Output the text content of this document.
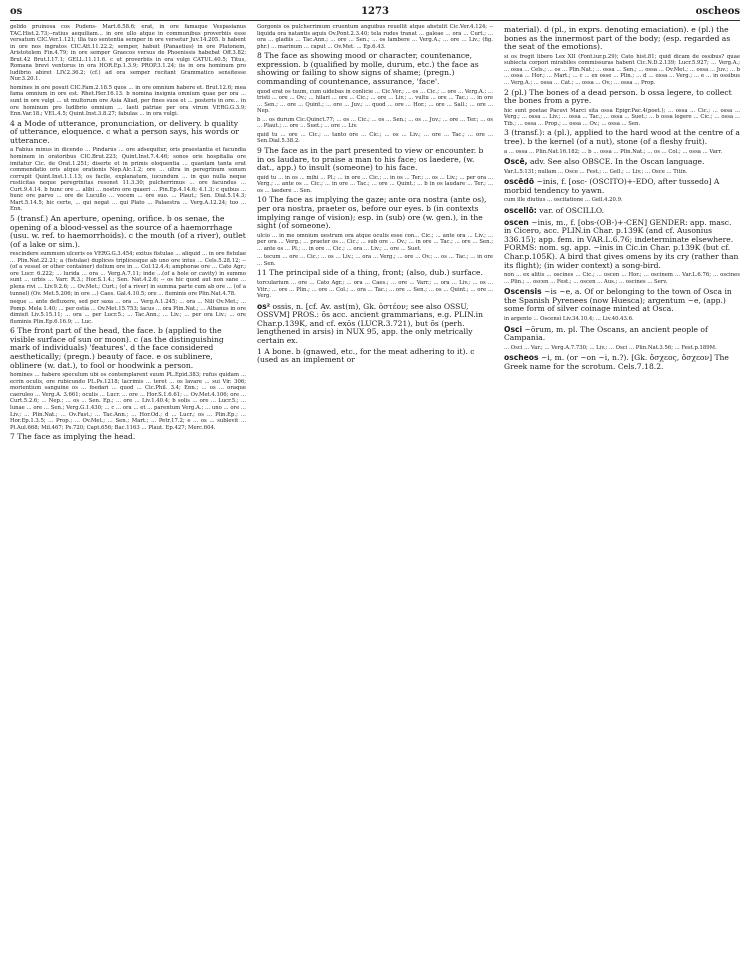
os	1273	oscheos

gelido pruinosa cos Pudens- Mart.6.58.6; erat, in ore famaque Vespasianus TAC.Hist.2.73;--ratius aequiliam... in ore ullo atque in communibus proverbiis esse versatum CIC.Ver.1.121; illa tuo sententia semper in ore versetur Juv.14.205. b habent in ore nos ingratos CIC.Att.11.22.2; semper, habuit (Panaetius) in ore Platonem, Aristotelem Fin.4.79; in ore semper Graecos versus de Phoenissis habebat Off.3.82; Brut.42 Brut.I.17.1; GELL.11.11.6. c ut proverbiis in ora vulgi CATUL.40.5; Titus, Romana brevi venturus in ora HOR.Ep.1.3.9; PROP.3.1.24; iis in ora hominum pro ludibrio abiret LIV.2.36.2; (cf.) ad ora semper recitant Grammatico sensitesse Nur.3.20.1.

homines in ore posuit CIC.Fam.2.18.5 quos ... in ore omnium habere et. Brut.12.6; mea fama omnium in ore est. Rhet.Her.16.13. b nomina insignia omnium quae per ora ... sunt in ore vulgi ... ut multorum ore Asia Aliad, per fines suos et ... posteris in ore... in ore hominum pro ludibrio omnium ... laeti patriae per ora virum VERG.G.3.9; Enn.Var.18.; VEL.4.5; Quint.Inst.3.8.27; fabulas ... in ora vulgi.

4 a Mode of utterance, pronunciation, or delivery. b quality of utterance, eloquence. c what a person says, his words or utterance.

a Fabius minus in dicendo ... Pindarus ... ore adsequitur, oris praestantia et facundia hominem in oratoribus CIC.Brut.223; Quint.Inst.7.4.46; sonos oris hospitalia ore imitatur Cic. de Orat.1.251; diserte et in primis eloquentia ... quantam tanta erat commendatio oris atque orationis Nep.Alc.1.2; ore ... ultra in peregrinum sonum corrupit Quint.Inst.1.1.13; os facile, explanatum, iucundum ... in quo nulla neque rusticitas neque peregrinitas resonet 11.3.30; pulcherrimus ... ore facundus ... Curt.9.4.14. b hunc ore ... alibi ... nostro ore quaeri ... Pin.Ep.4.14.6; 4.1.3; c quibus ... hunc ore parvo ... ore de Lucullo ... vocem ... ore suo. ... Plaut.; Sen. Dial.5.14.3; Mart.5.14.5; hic certe, ... qui negat ... qui Plato ... Palaestra ... Verg.A.12.24; tuo ... Enn.

5 (transf.) An aperture, opening, orifice. b os senae, the opening of a blood-vessel as the source of a haemorrhage (usu. w. ref. to haemorrhoids). c the mouth (of a river), outlet (of a lake or sim.).

rescindere summum ulceris os VERG.G.3.454; exitus fistulae ... aliquid ... in ore fistulae ... Plin.Nat.22.21; a (fistulae) duplices triplicesque ab uno ore intus ... Cels.5.28.12; -- (of a vessel or other container) dolium ore in ... Col.12.4.4; amphorae ore ... Cato Agr.; ore Lucr. 6.222; ... lurida ... ora ... Verg.A.7.11; inde ...(of a hole or cavity) in summo sunt ... urbis ... Varr. R.3.; Hor.S.1.4.; Sen. Nat.4.2.6; -- os hic quod aut non sane ... plena rivi ... Liv.9.2.6; ... Ov.Met.; Curt.; (of a river) in summa parte cum ab ore ... (of a tunnel) (Ov. Met.5.206; in ore ...) Caes. Gal.4.10.5; ore ... fluminis ore Plin.Nat.4.78.

neque ... ante defluxere, sed per saxa ... ora ... Verg.A.1.245; ... ora ... Nili Ov.Met.; ... Pomp. Mela 1.40; ... per ostia ... Ov.Met.15.753; lacus ... ora Plin.Nat.; ... Albanus in ore dimisit Liv.5.15.11; ... ora ... per Lucr.5.; ... Tac.Ann.; ... Liv.; ... per ora Liv.; ... ore fluminis Plin.Ep.6.16.9; ... Luc.

6 The front part of the head, the face. b (applied to the visible surface of sun or moon). c (as the distinguishing mark of individuals) 'features'. d the face considered aesthetically; (pregn.) beauty of face. e os sublinere, oblinere (w. dat.), to fool or hoodwink a person.

homines ... habere speculum ubi os contemplarent suum PL.Epid.383; rufus quidam ... ecrin oculis, ore rubicundo PL.Ps.1218; lacrimis ... teret ... os lavare ... sui Vir. 306; morientium sanguine os ... foedari ... quod ... Cic.Phil. 3.4; Enn.; ... os ... oraque caeruleo ... Verg.A. 3.661; oculis ... Lucr. ... ore ... Hor.S.1.6.61; ... Ov.Met.4.106; ore ... Curt.5.2.6; ... Nep.; ... os ... Sen. Ep.; ... ore ... Liv.1.40.4; b solis ... ore ... Lucr.5.; ... lunae ... ore ... Sen.; Verg.G.1.430; ... c ... ora ... et ... parentum Verg.A.; ... uno ... ore ... Liv.; ... Plin.Nat.; ... Ov.Fast.; ... Tac.Ann.; ... Hor.Od.; d ... Lucr.; os ... Plin.Ep.; ... Hor.Ep.1.3.5; ... Prop.; ... Ov.Met.; ... Sen.; Mart.; ... Petr.17.2; e ... os ... sublevit ... Pl.Aul.668; Mil.467; Ps.720; Capt.656; Bac.1163 ... Plaut. Ep.427; Merc.604.

7 The face as implying the head.

Gorgonis os pulcherrimum cruentum anguibus reuellit atque abstulit Cic.Ver.4.124; -- liquida ora natantis aquis Ov.Pont.2.3.40; tela rudes tranat ... galeae ... ora ... Curt.; ... ora ... gladiis ... Tac.Ann.; ... ore ... Sen.; ... os lambere ... Verg.A.; ... ore ... Liv.; (fig. phr.) ... marinum ... caput ... Ov.Met. ... Ep.6.43.

8 The face as showing mood or character, countenance, expression. b (qualified by molle, durum, etc.) the face as showing or failing to show signs of shame; (pregn.) commanding of countenance, assurance, 'face'.

quod erat os tuum, cum uidebas in conlicie ... Cic.Ver.; ... os ... Cic.; ... ore ... Verg.A.; ... tristi ... ore ... Ov.; ... hilari ... ore ... Cic.; ... ore ... Liv.; ... vultu ... ore ... Tac.; ... in ore ... Sen.; ... ore ... Quint.; ... ore ... Juv.; ... quod ... ore ... Hor.; ... ore ... Sall.; ... ore ... Nep.

b ... os durum Cic.Quinct.77; ... os ... Cic.; ... os ... Sen.; ... os ... Juv.; ... ore ... Ter.; ... os ... Plaut.; ... ore ... Suet.; ... ore ... Liv.

quid tu ... ore ... Cic.; ... tanto ore ... Cic.; ... os ... Liv.; ... ore ... Tac.; ... ore ... Sen.Dial.5.38.2.

9 The face as in the part presented to view or encounter. b in os laudare, to praise a man to his face; os laedere, (w. dat., app.) to insult (someone) to his face.

quid tu ... in os ... mihi ... Pl.; ... in ore ... Cic.; ... in os ... Ter.; ... os ... Liv.; ... per ora ... Verg.; ... ante os ... Cic.; ... in ore ... Tac.; ... ore ... Quint.; ... b in os laudare ... Ter.; ... os ... laedere ... Sen.

10 The face as implying the gaze; ante ora nostra (ante os), per ora nostra, praeter os, before our eyes. b (in contexts implying range of vision); esp. in (sub) ore (w. gen.), in the sight (of someone).

ulcio ... in me omnium uestrum ora atque oculis esse con... Cic.; ... ante ora ... Liv.; ... per ora ... Verg.; ... praeter os ... Cic.; ... sub ore ... Ov.; ... in ore ... Tac.; ... ore ... Sen.; ... ante os ... Pl.; ... in ore ... Cic.; ... ora ... Liv.; ... ore ... Suet.

... tecum ... ore ... Cic.; ... os ... Liv.; ... ora ... Verg.; ... ore ... Ov.; ... os ... Tac.; ... in ore ... Sen.

11 The principal side of a thing, front; (also, dub.) surface.

torcularium ... ore ... Cato Agr.; ... ora ... Caes.; ... ore ... Varr.; ... ora ... Liv.; ... os ... Vitr.; ... ore ... Plin.; ... ore ... Col.; ... ora ... Tac.; ... ore ... Sen.; ... os ... Quint.; ... ore ... Verg.

os² ossis, n. [cf. Av. ast(m), Gk. ὀστέον; see also OSSU, OSSVM] PROS.: ŏs acc. ancient grammarians, e.g. PLIN.in Char.p.139K, and cf. exōs (LUCR.3.721), but ŏs (perh. lengthened in arsis) in NUX 95, app. the only metrically certain ex.

1 A bone. b (gnawed, etc., for the meat adhering to it). c (used as an implement or

material). d (pl., in exprs. denoting emaciation). e (pl.) the bones as the innermost part of the body; (esp. regarded as the seat of the emotions).

si os fregit libero Lex XII (Font.iur.p.29); Cato hist.81; quid dicam de ossibus? quae subiecta corpori mirabiles commissuras habent Cic.N.D.2.139; Lucr.5.927; ... Verg.A.; ... ossa ... Cels.; ... os ... Plin.Nat.; ... ossa ... Sen.; ... ossa ... Ov.Met.; ... ossa ... Juv.; ... b ... ossa ... Hor.; ... Mart.; ... c ... ex osse ... Plin.; ... d ... ossa ... Verg.; ... e ... in ossibus ... Verg.A.; ... ossa ... Cat.; ... ossa ... Ov.; ... ossa ... Prop.

2 (pl.) The bones of a dead person. b ossa legere, to collect the bones from a pyre.

hic sunt poetae Pacuvi Marci sita ossa Epigr.Pac.4(poet.); ... ossa ... Cic.; ... ossa ... Verg.; ... ossa ... Liv.; ... ossa ... Tac.; ... ossa ... Suet.; ... b ossa legere ... Cic.; ... ossa ... Tib.; ... ossa ... Prop.; ... ossa ... Ov.; ... ossa ... Sen.

3 (transf.): a (pl.), applied to the hard wood at the centre of a tree). b the kernel (of a nut), stone (of a fleshy fruit).

a ... ossa ... Plin.Nat.16.182; ... b ... ossa ... Plin.Nat.; ... os ... Col.; ... ossa ... Varr.

Oscē, adv. See also OBSCE. In the Oscan language.

Var.L.5.131; nullam ... Osce ... Fest.; ... Gell.; ... Liv.; ... Osce ... Titin.

oscēdō ~inis, f. [osc- (OSCITO)+-EDO, after tussedo] A morbid tendency to yawn.

cum ille diutius ... oscitatione ... Gell.4.20.9.

oscellō: var. of OSCILLO.

oscen ~inis, m., f. [obs-(OB-)+-CEN] GENDER: app. masc. in Cicero, acc. PLIN.in Char. p.139K (and cf. Ausonius 336.15); app. fem. in VAR.L.6.76; indeterminate elsewhere. FORMS: nom. sg. app. ~inis in Cic.in Char. p.139K (but cf. Char.p.105K). A bird that gives omens by its cry (rather than its flight); (in wider context) a song-bird.

non ... ex alitis ... oscines ... Cic.; ... oscen ... Hor.; ... oscinem ... Var.L.6.76; ... oscines ... Plin.; ... oscen ... Fest.; ... oscen ... Aus.; ... oscines ... Serv.

Oscensis ~is ~e, a. Of or belonging to the town of Osca in the Spanish Pyrenees (now Huesca); argentum ~e, (app.) some form of silver coinage minted at Osca.

in argento ... Oscensi Liv.34.10.4; ... Liv.40.43.6.

Osci ~ōrum, m. pl. The Oscans, an ancient people of Campania.

... Osci ... Var.; ... Verg.A.7.730; ... Liv.; ... Osci ... Plin.Nat.3.56; ... Fest.p.189M.

oscheos ~i, m. (or ~on ~i, n.?). [Gk. ὄσχεος, ὄσχεον] The Greek name for the scrotum. Cels.7.18.2.
